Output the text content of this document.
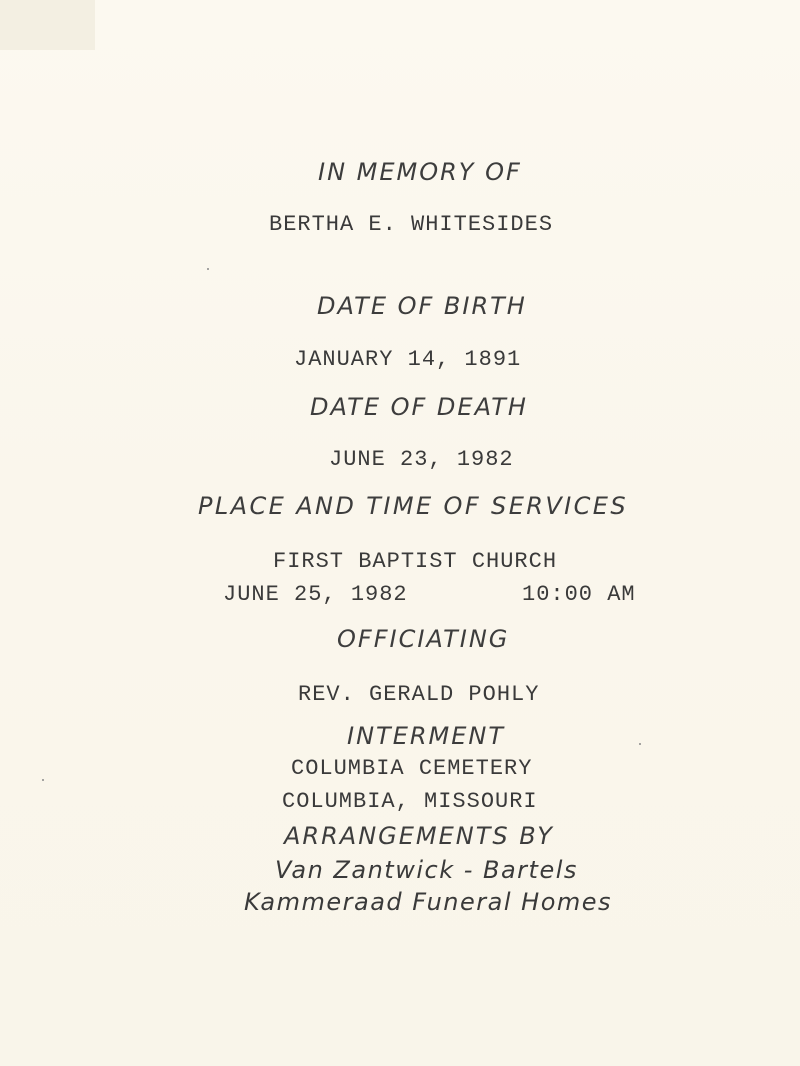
IN MEMORY OF
BERTHA E. WHITESIDES
DATE OF BIRTH
JANUARY 14, 1891
DATE OF DEATH
JUNE 23, 1982
PLACE AND TIME OF SERVICES
FIRST BAPTIST CHURCH
JUNE 25, 1982	10:00 AM
OFFICIATING
REV. GERALD POHLY
INTERMENT
COLUMBIA CEMETERY
COLUMBIA, MISSOURI
ARRANGEMENTS BY
Van Zantwick - Bartels
Kammeraad Funeral Homes
